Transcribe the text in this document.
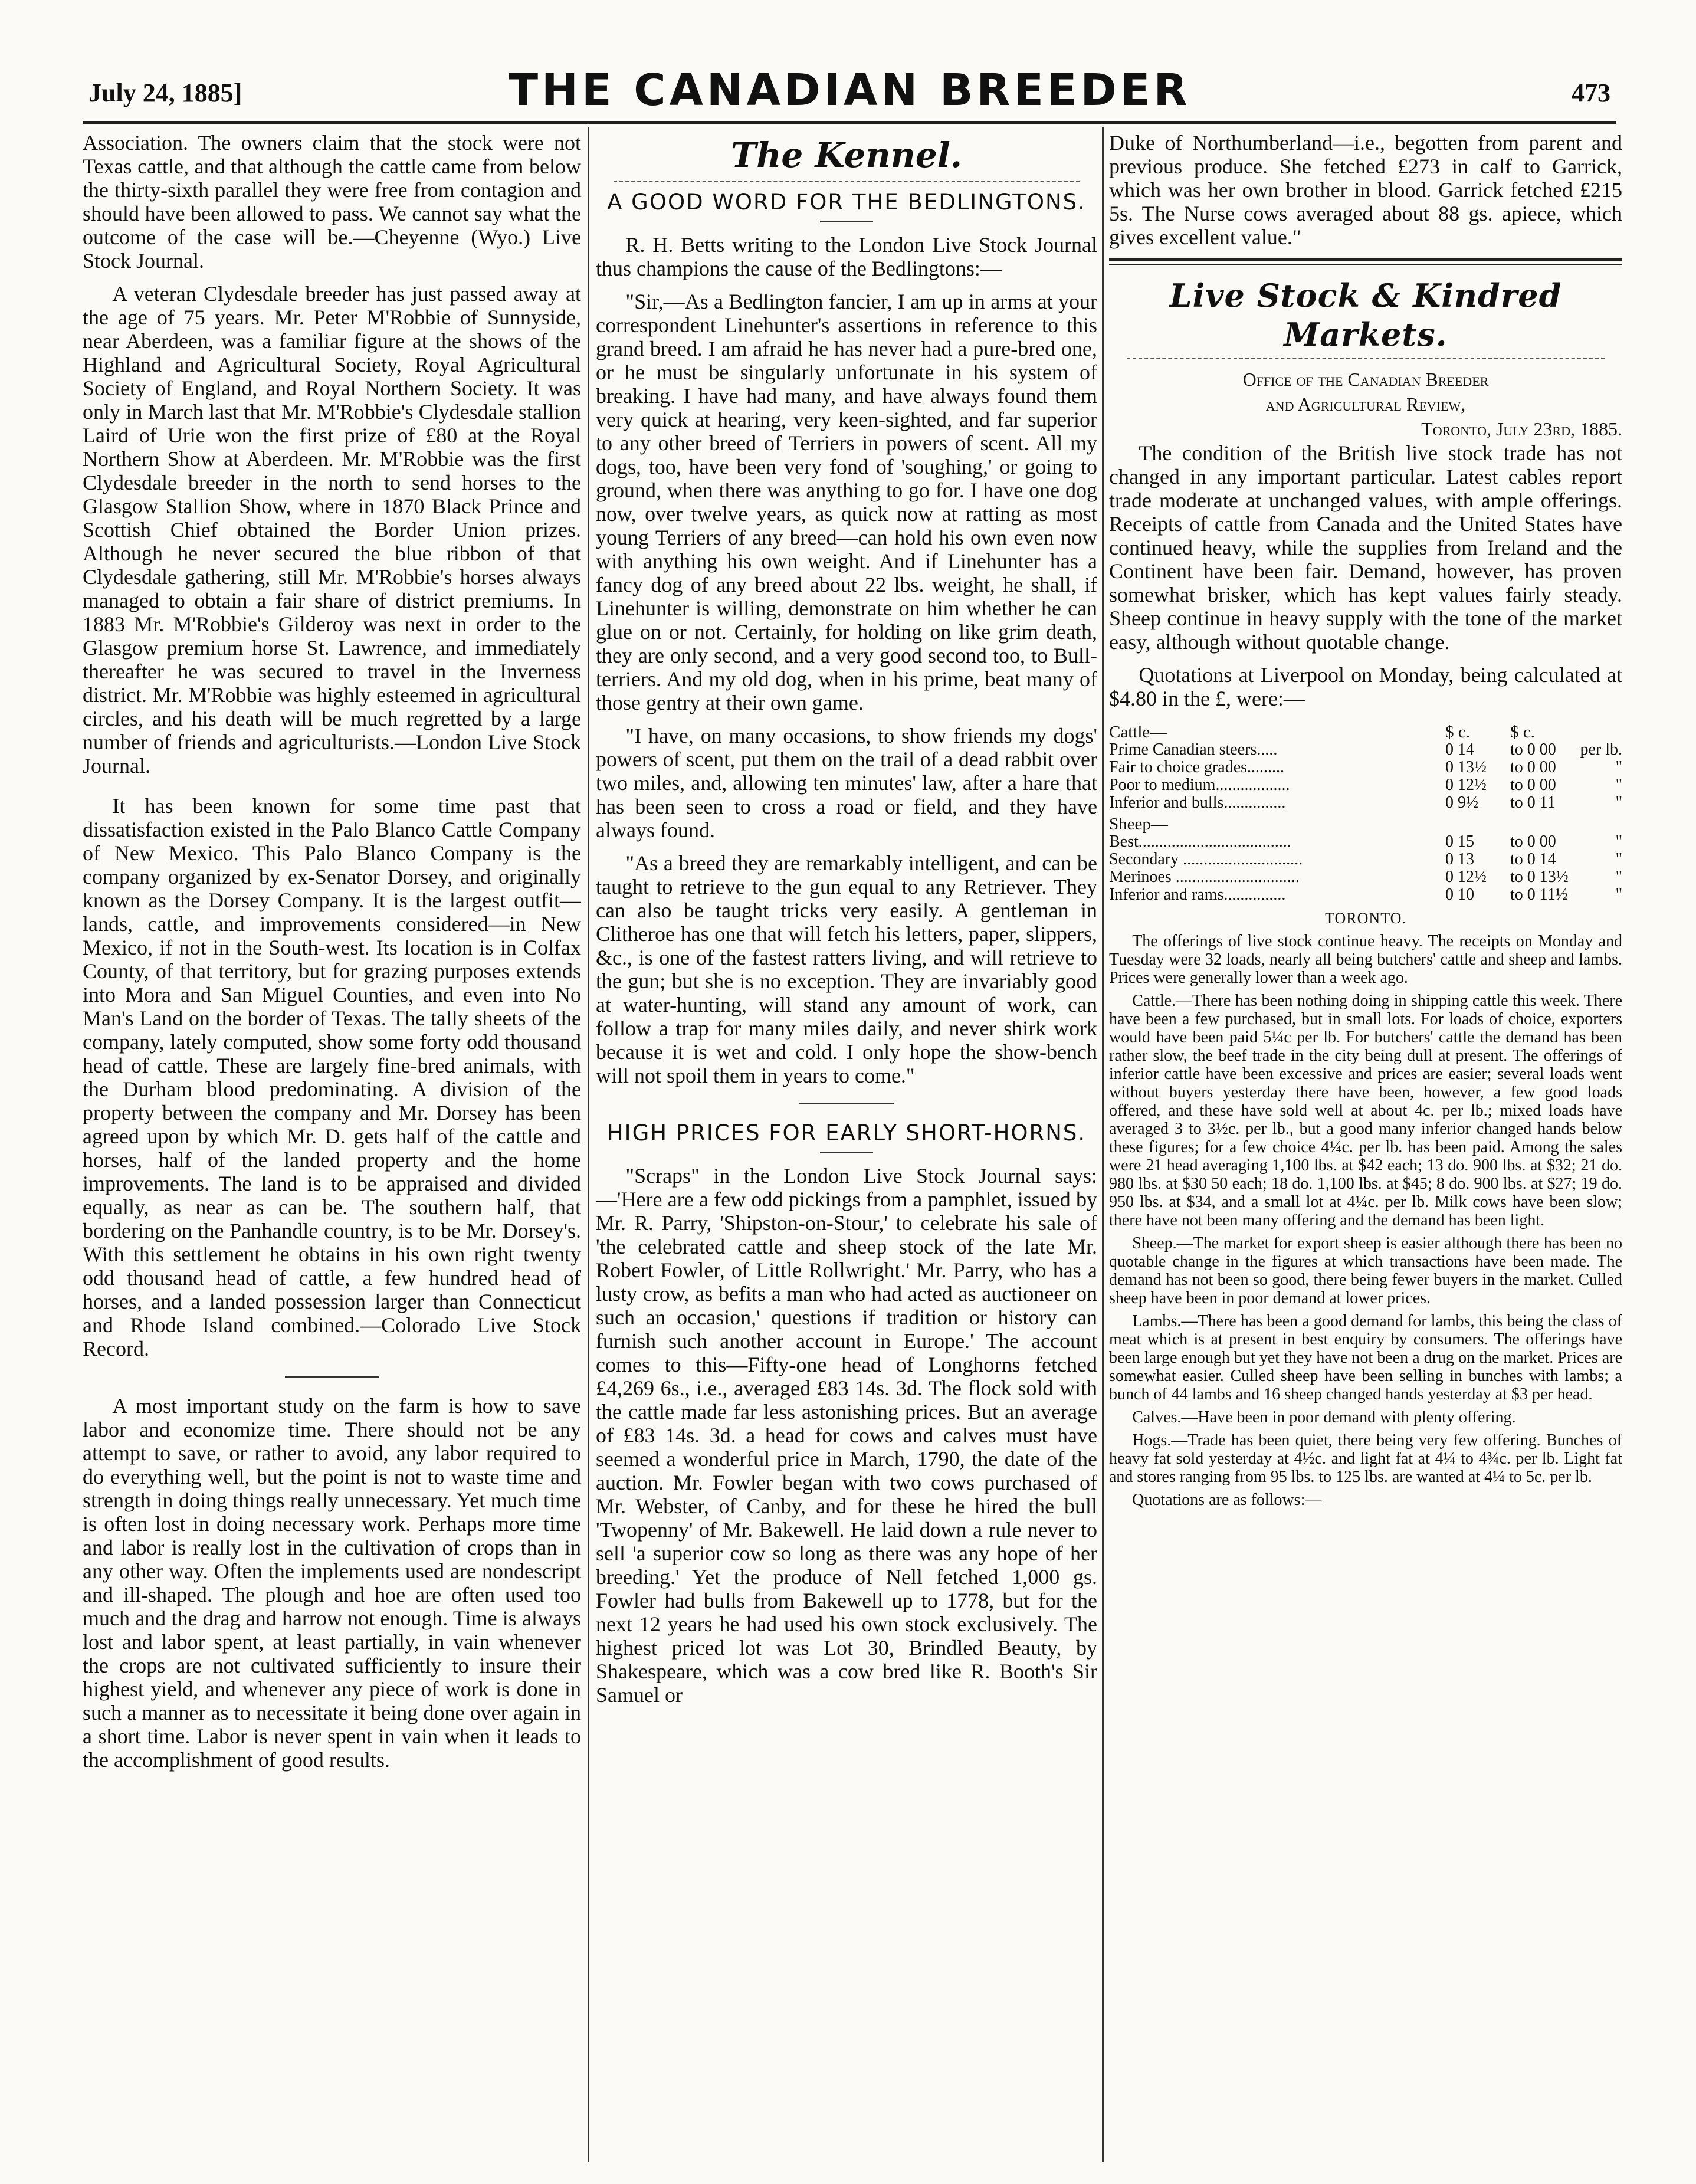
July 24, 1885]	THE CANADIAN BREEDER	473

Association. The owners claim that the stock were not Texas cattle, and that although the cattle came from below the thirty-sixth parallel they were free from contagion and should have been allowed to pass. We cannot say what the outcome of the case will be.—Cheyenne (Wyo.) Live Stock Journal.

A veteran Clydesdale breeder has just passed away at the age of 75 years. Mr. Peter M'Robbie of Sunnyside, near Aberdeen, was a familiar figure at the shows of the Highland and Agricultural Society, Royal Agricultural Society of England, and Royal Northern Society. It was only in March last that Mr. M'Robbie's Clydesdale stallion Laird of Urie won the first prize of £80 at the Royal Northern Show at Aberdeen. Mr. M'Robbie was the first Clydesdale breeder in the north to send horses to the Glasgow Stallion Show, where in 1870 Black Prince and Scottish Chief obtained the Border Union prizes. Although he never secured the blue ribbon of that Clydesdale gathering, still Mr. M'Robbie's horses always managed to obtain a fair share of district premiums. In 1883 Mr. M'Robbie's Gilderoy was next in order to the Glasgow premium horse St. Lawrence, and immediately thereafter he was secured to travel in the Inverness district. Mr. M'Robbie was highly esteemed in agricultural circles, and his death will be much regretted by a large number of friends and agriculturists.—London Live Stock Journal.

It has been known for some time past that dissatisfaction existed in the Palo Blanco Cattle Company of New Mexico. This Palo Blanco Company is the company organized by ex-Senator Dorsey, and originally known as the Dorsey Company. It is the largest outfit—lands, cattle, and improvements considered—in New Mexico, if not in the South-west. Its location is in Colfax County, of that territory, but for grazing purposes extends into Mora and San Miguel Counties, and even into No Man's Land on the border of Texas. The tally sheets of the company, lately computed, show some forty odd thousand head of cattle. These are largely fine-bred animals, with the Durham blood predominating. A division of the property between the company and Mr. Dorsey has been agreed upon by which Mr. D. gets half of the cattle and horses, half of the landed property and the home improvements. The land is to be appraised and divided equally, as near as can be. The southern half, that bordering on the Panhandle country, is to be Mr. Dorsey's. With this settlement he obtains in his own right twenty odd thousand head of cattle, a few hundred head of horses, and a landed possession larger than Connecticut and Rhode Island combined.—Colorado Live Stock Record.

A most important study on the farm is how to save labor and economize time. There should not be any attempt to save, or rather to avoid, any labor required to do everything well, but the point is not to waste time and strength in doing things really unnecessary. Yet much time is often lost in doing necessary work. Perhaps more time and labor is really lost in the cultivation of crops than in any other way. Often the implements used are nondescript and ill-shaped. The plough and hoe are often used too much and the drag and harrow not enough. Time is always lost and labor spent, at least partially, in vain whenever the crops are not cultivated sufficiently to insure their highest yield, and whenever any piece of work is done in such a manner as to necessitate it being done over again in a short time. Labor is never spent in vain when it leads to the accomplishment of good results.

The Kennel.
A GOOD WORD FOR THE BEDLINGTONS.

R. H. Betts writing to the London Live Stock Journal thus champions the cause of the Bedlingtons:—

"Sir,—As a Bedlington fancier, I am up in arms at your correspondent Linehunter's assertions in reference to this grand breed. I am afraid he has never had a pure-bred one, or he must be singularly unfortunate in his system of breaking. I have had many, and have always found them very quick at hearing, very keen-sighted, and far superior to any other breed of Terriers in powers of scent. All my dogs, too, have been very fond of 'soughing,' or going to ground, when there was anything to go for. I have one dog now, over twelve years, as quick now at ratting as most young Terriers of any breed—can hold his own even now with anything his own weight. And if Linehunter has a fancy dog of any breed about 22 lbs. weight, he shall, if Linehunter is willing, demonstrate on him whether he can glue on or not. Certainly, for holding on like grim death, they are only second, and a very good second too, to Bull-terriers. And my old dog, when in his prime, beat many of those gentry at their own game.

"I have, on many occasions, to show friends my dogs' powers of scent, put them on the trail of a dead rabbit over two miles, and, allowing ten minutes' law, after a hare that has been seen to cross a road or field, and they have always found.

"As a breed they are remarkably intelligent, and can be taught to retrieve to the gun equal to any Retriever. They can also be taught tricks very easily. A gentleman in Clitheroe has one that will fetch his letters, paper, slippers, &c., is one of the fastest ratters living, and will retrieve to the gun; but she is no exception. They are invariably good at water-hunting, will stand any amount of work, can follow a trap for many miles daily, and never shirk work because it is wet and cold. I only hope the show-bench will not spoil them in years to come."

HIGH PRICES FOR EARLY SHORT-HORNS.

"Scraps" in the London Live Stock Journal says:—'Here are a few odd pickings from a pamphlet, issued by Mr. R. Parry, 'Shipston-on-Stour,' to celebrate his sale of 'the celebrated cattle and sheep stock of the late Mr. Robert Fowler, of Little Rollwright.' Mr. Parry, who has a lusty crow, as befits a man who had acted as auctioneer on such an occasion,' questions if tradition or history can furnish such another account in Europe.' The account comes to this—Fifty-one head of Longhorns fetched £4,269 6s., i.e., averaged £83 14s. 3d. The flock sold with the cattle made far less astonishing prices. But an average of £83 14s. 3d. a head for cows and calves must have seemed a wonderful price in March, 1790, the date of the auction. Mr. Fowler began with two cows purchased of Mr. Webster, of Canby, and for these he hired the bull 'Twopenny' of Mr. Bakewell. He laid down a rule never to sell 'a superior cow so long as there was any hope of her breeding.' Yet the produce of Nell fetched 1,000 gs. Fowler had bulls from Bakewell up to 1778, but for the next 12 years he had used his own stock exclusively. The highest priced lot was Lot 30, Brindled Beauty, by Shakespeare, which was a cow bred like R. Booth's Sir Samuel or

Duke of Northumberland—i.e., begotten from parent and previous produce. She fetched £273 in calf to Garrick, which was her own brother in blood. Garrick fetched £215 5s. The Nurse cows averaged about 88 gs. apiece, which gives excellent value."

Live Stock & Kindred Markets.
Office of the Canadian Breeder
and Agricultural Review,
Toronto, July 23rd, 1885.

The condition of the British live stock trade has not changed in any important particular. Latest cables report trade moderate at unchanged values, with ample offerings. Receipts of cattle from Canada and the United States have continued heavy, while the supplies from Ireland and the Continent have been fair. Demand, however, has proven somewhat brisker, which has kept values fairly steady. Sheep continue in heavy supply with the tone of the market easy, although without quotable change.

Quotations at Liverpool on Monday, being calculated at $4.80 in the £, were:—

Cattle—	$ c.	$ c.	
Prime Canadian steers.....	0 14	to 0 00	per lb.
Fair to choice grades.........	0 13½	to 0 00	"
Poor to medium..................	0 12½	to 0 00	"
Inferior and bulls...............	0 9½	to 0 11	"
Sheep—			
Best.....................................	0 15	to 0 00	"
Secondary .............................	0 13	to 0 14	"
Merinoes ..............................	0 12½	to 0 13½	"
Inferior and rams...............	0 10	to 0 11½	"
TORONTO.

The offerings of live stock continue heavy. The receipts on Monday and Tuesday were 32 loads, nearly all being butchers' cattle and sheep and lambs. Prices were generally lower than a week ago.

Cattle.—There has been nothing doing in shipping cattle this week. There have been a few purchased, but in small lots. For loads of choice, exporters would have been paid 5¼c per lb. For butchers' cattle the demand has been rather slow, the beef trade in the city being dull at present. The offerings of inferior cattle have been excessive and prices are easier; several loads went without buyers yesterday there have been, however, a few good loads offered, and these have sold well at about 4c. per lb.; mixed loads have averaged 3 to 3½c. per lb., but a good many inferior changed hands below these figures; for a few choice 4¼c. per lb. has been paid. Among the sales were 21 head averaging 1,100 lbs. at $42 each; 13 do. 900 lbs. at $32; 21 do. 980 lbs. at $30 50 each; 18 do. 1,100 lbs. at $45; 8 do. 900 lbs. at $27; 19 do. 950 lbs. at $34, and a small lot at 4¼c. per lb. Milk cows have been slow; there have not been many offering and the demand has been light.

Sheep.—The market for export sheep is easier although there has been no quotable change in the figures at which transactions have been made. The demand has not been so good, there being fewer buyers in the market. Culled sheep have been in poor demand at lower prices.

Lambs.—There has been a good demand for lambs, this being the class of meat which is at present in best enquiry by consumers. The offerings have been large enough but yet they have not been a drug on the market. Prices are somewhat easier. Culled sheep have been selling in bunches with lambs; a bunch of 44 lambs and 16 sheep changed hands yesterday at $3 per head.

Calves.—Have been in poor demand with plenty offering.

Hogs.—Trade has been quiet, there being very few offering. Bunches of heavy fat sold yesterday at 4½c. and light fat at 4¼ to 4¾c. per lb. Light fat and stores ranging from 95 lbs. to 125 lbs. are wanted at 4¼ to 5c. per lb.

Quotations are as follows:—
